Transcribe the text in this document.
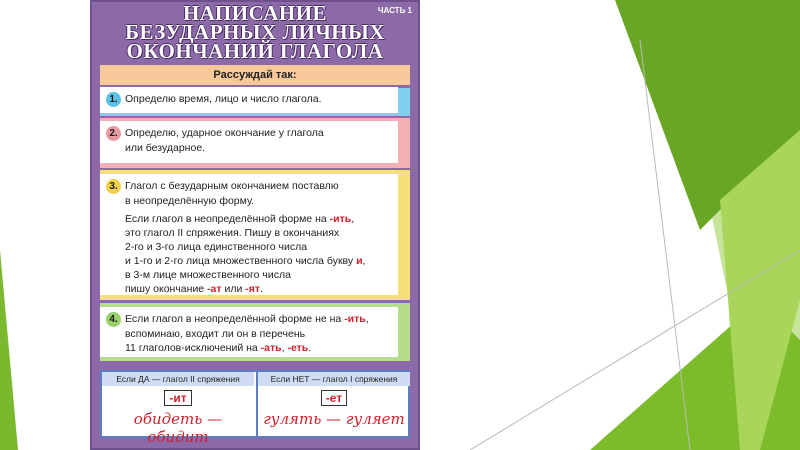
НАПИСАНИЕ
БЕЗУДАРНЫХ ЛИЧНЫХ
ОКОНЧАНИЙ ГЛАГОЛА
ЧАСТЬ 1
Рассуждай так:
1. Определю время, лицо и число глагола.

2. Определю, ударное окончание у глагола

или безударное.

3. Глагол с безударным окончанием поставлю

в неопределённую форму.

Если глагол в неопределённой форме на -ить,

это глагол II спряжения. Пишу в окончаниях

2-го и 3-го лица единственного числа

и 1-го и 2-го лица множественного числа букву и,

в 3-м лице множественного числа

пишу окончание -ат или -ят.

4. Если глагол в неопределённой форме не на -ить,

вспоминаю, входит ли он в перечень

11 глаголов-исключений на -ать, -еть.

Если ДА — глагол II спряжения
-ит
обидеть — обидит
Если НЕТ — глагол I спряжения
-ет
гулять — гуляет
